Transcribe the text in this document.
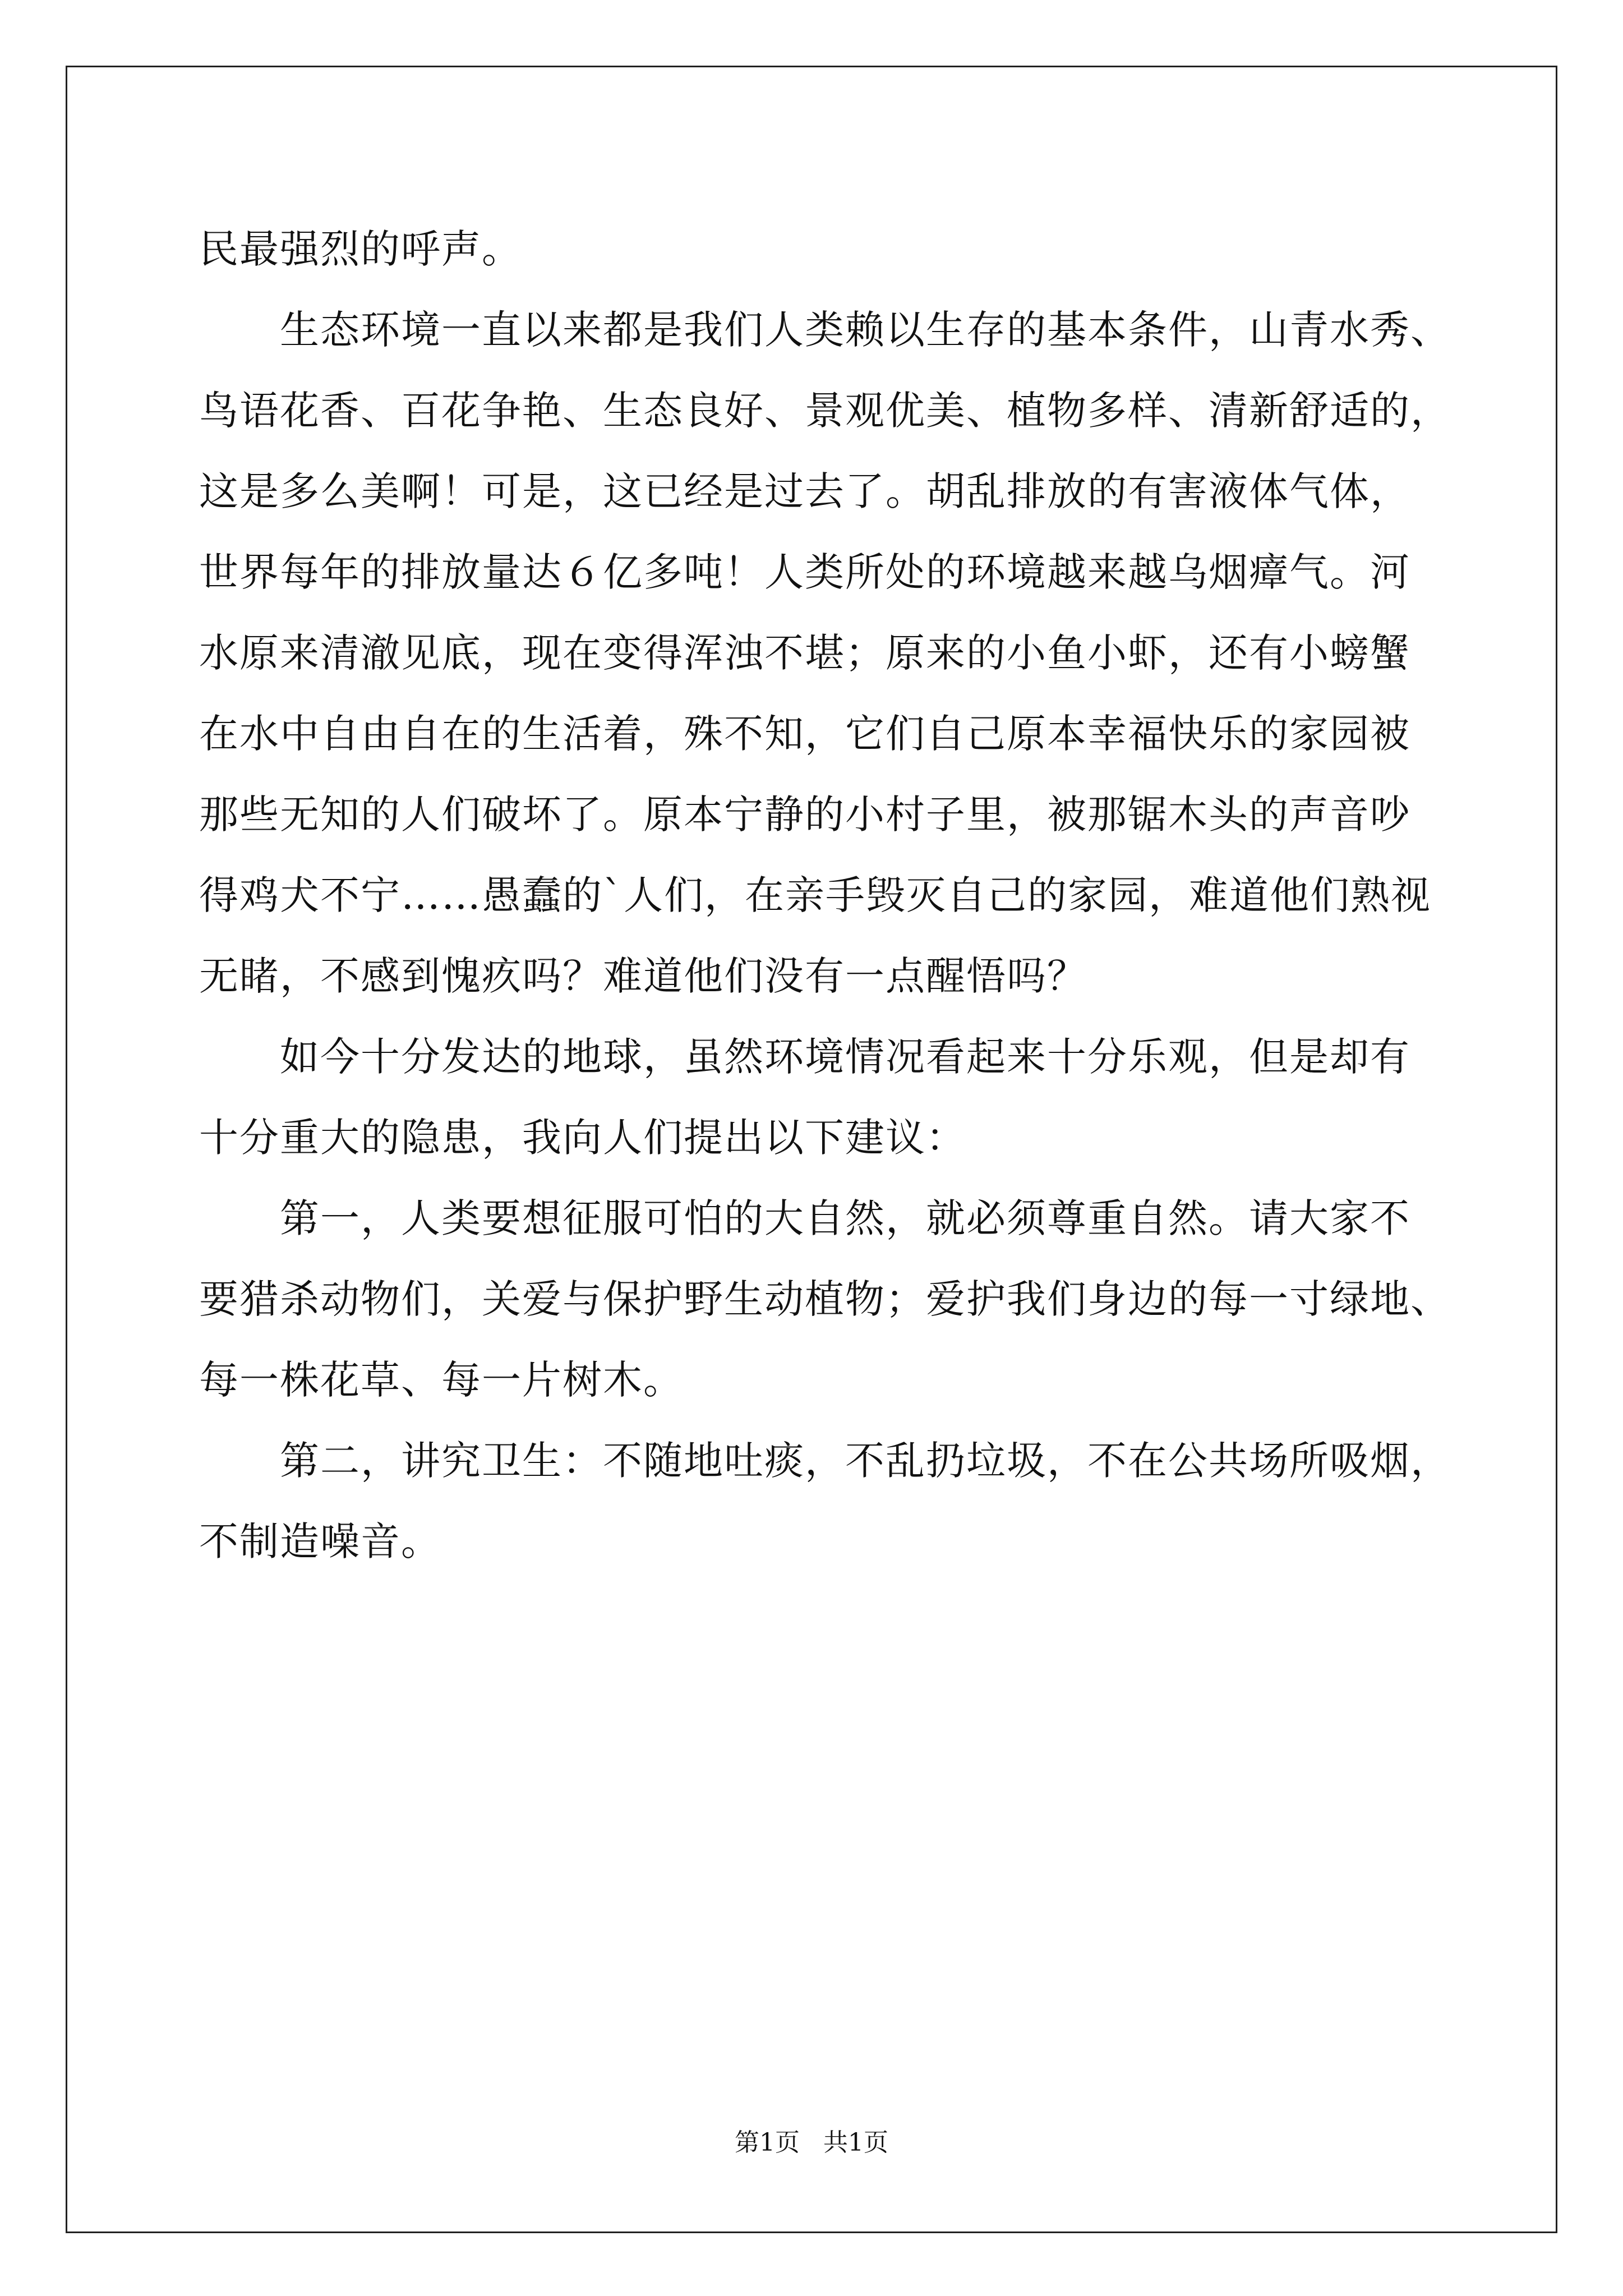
民最强烈的呼声。
　　生态环境一直以来都是我们人类赖以生存的基本条件，山青水秀、
鸟语花香、百花争艳、生态良好、景观优美、植物多样、清新舒适的，
这是多么美啊！可是，这已经是过去了。胡乱排放的有害液体气体，
世界每年的排放量达６亿多吨！人类所处的环境越来越乌烟瘴气。河
水原来清澈见底，现在变得浑浊不堪；原来的小鱼小虾，还有小螃蟹
在水中自由自在的生活着，殊不知，它们自己原本幸福快乐的家园被
那些无知的人们破坏了。原本宁静的小村子里，被那锯木头的声音吵
得鸡犬不宁……愚蠢的`人们，在亲手毁灭自己的家园，难道他们熟视
无睹，不感到愧疚吗？难道他们没有一点醒悟吗？
　　如今十分发达的地球，虽然环境情况看起来十分乐观，但是却有
十分重大的隐患，我向人们提出以下建议：
　　第一，人类要想征服可怕的大自然，就必须尊重自然。请大家不
要猎杀动物们，关爱与保护野生动植物；爱护我们身边的每一寸绿地、
每一株花草、每一片树木。
　　第二，讲究卫生：不随地吐痰，不乱扔垃圾，不在公共场所吸烟，
不制造噪音。
第1页   共1页
